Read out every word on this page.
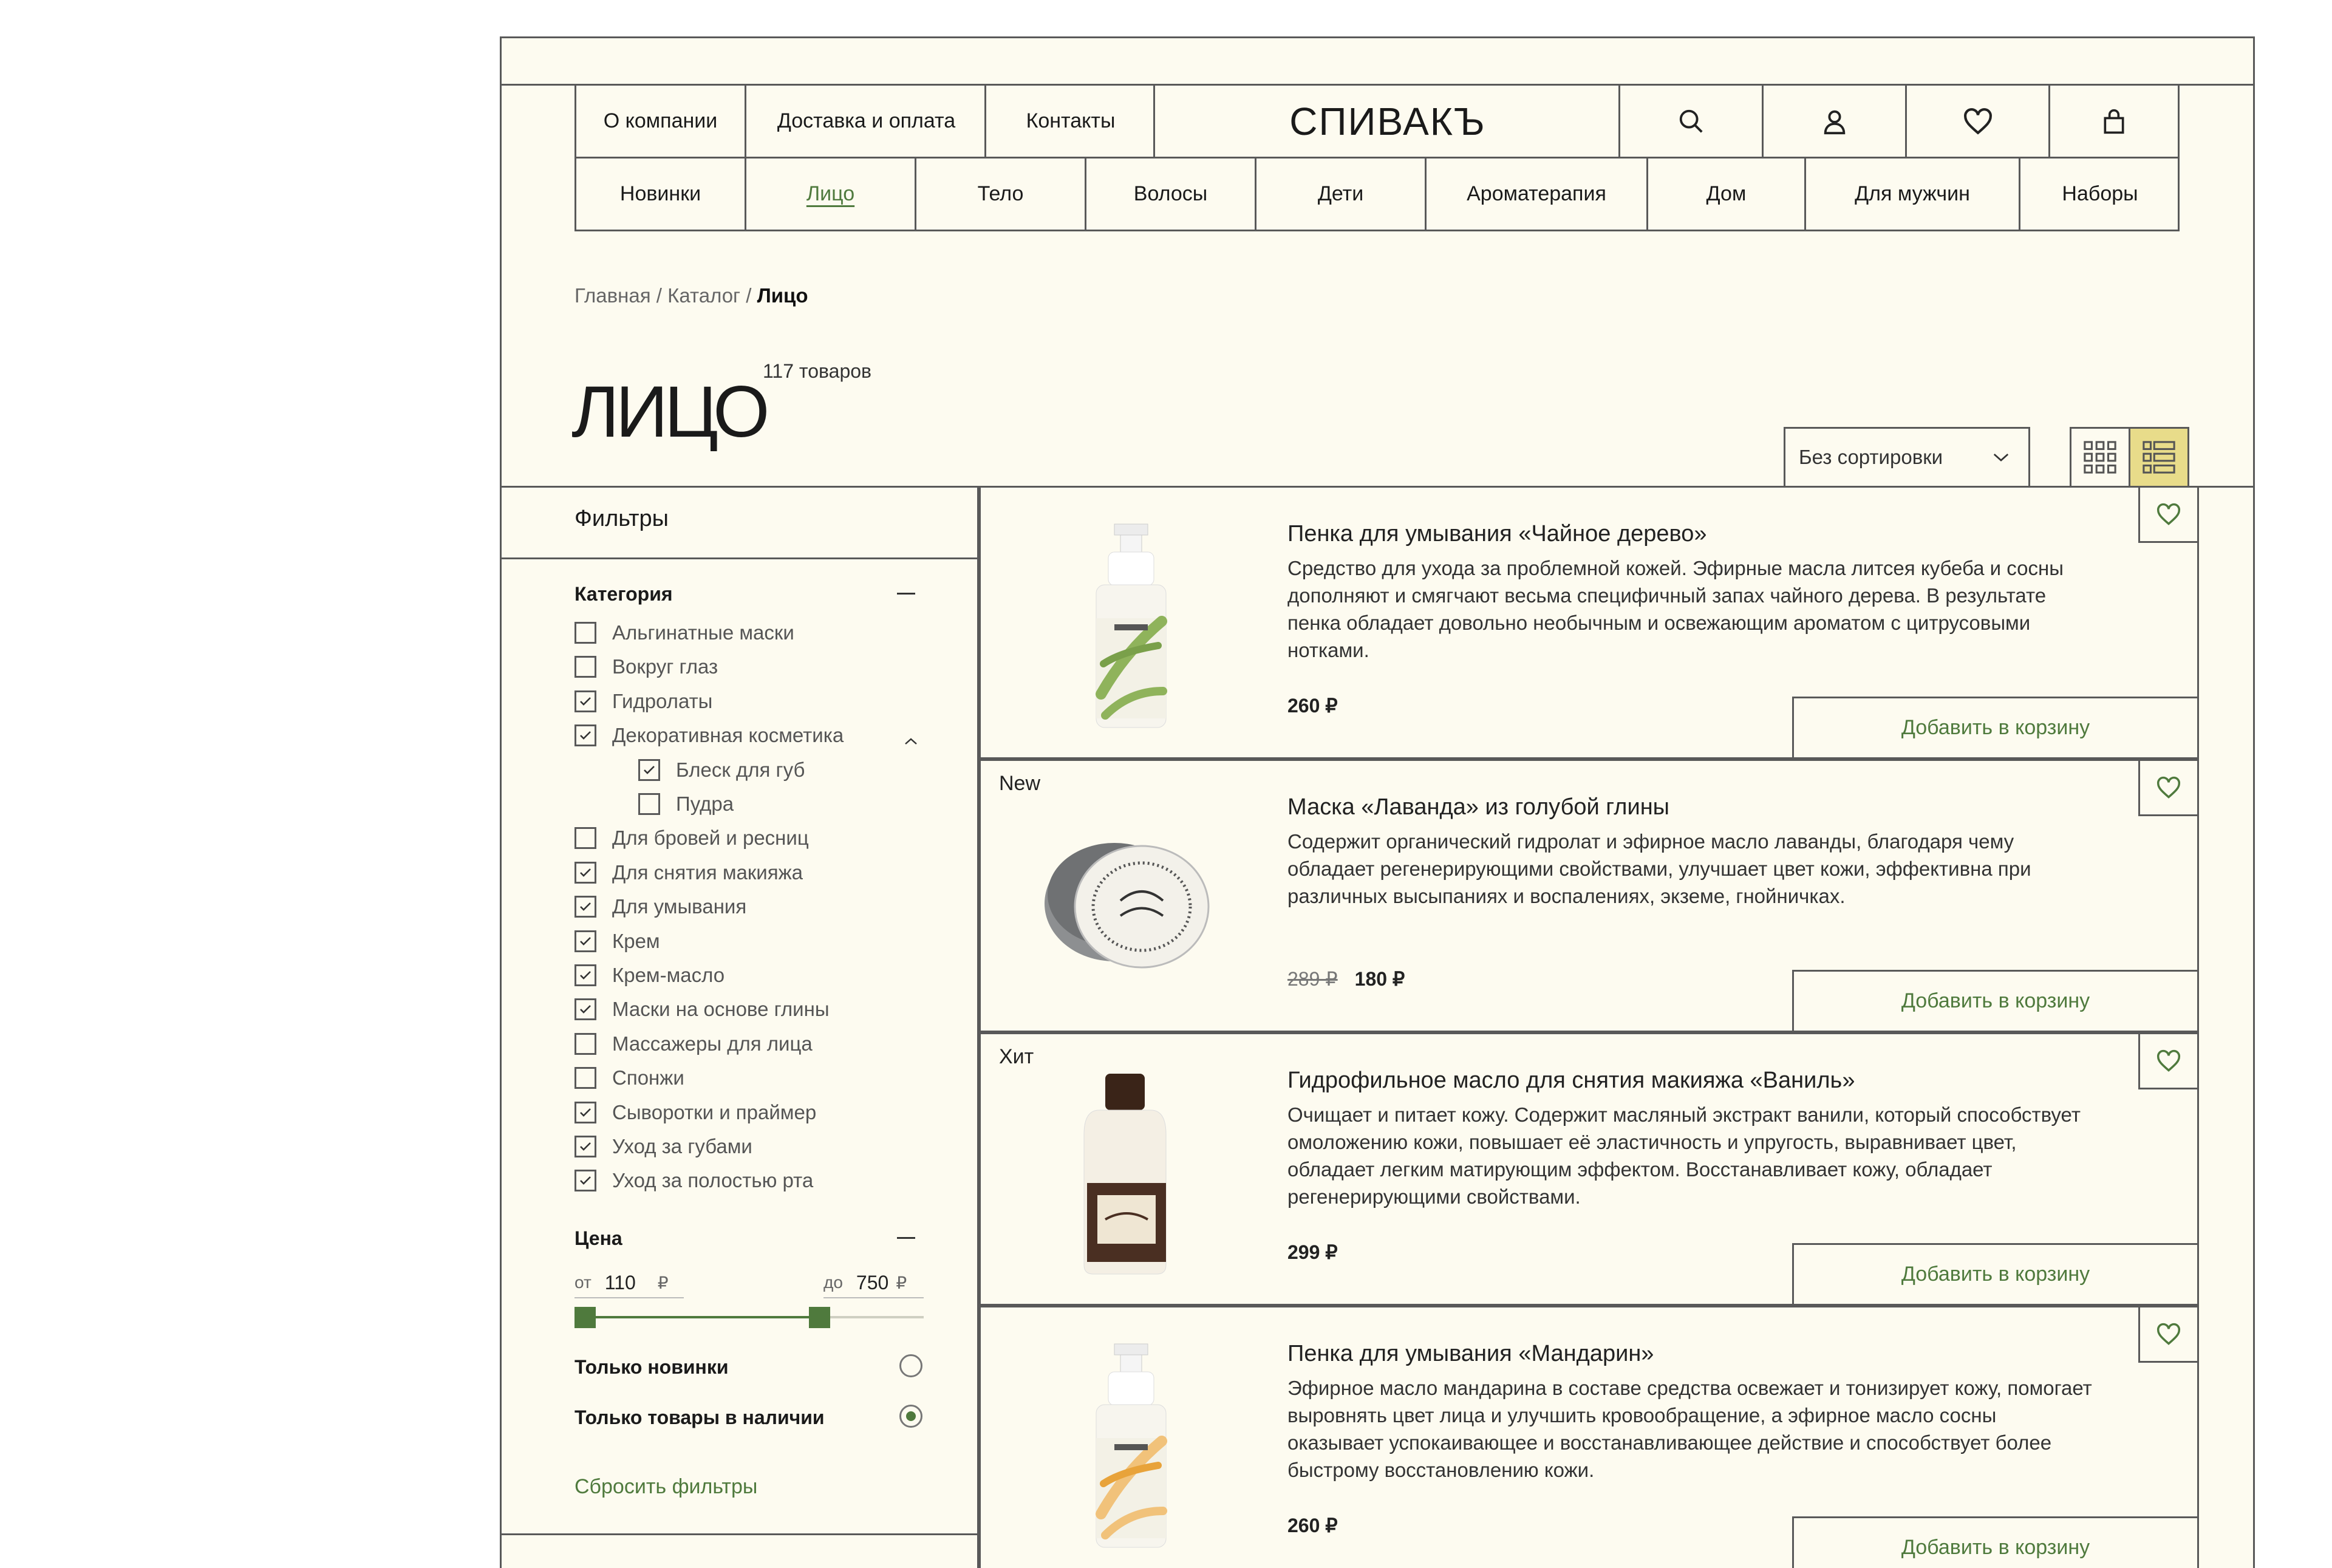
О компании	Доставка и оплата	Контакты	СПИВАКЪ
Новинки	Лицо	Тело	Волосы	Дети	Ароматерапия	Дом	Для мужчин	Наборы
Главная / Каталог / Лицо
ЛИЦО
117 товаров
Без сортировки
Фильтры
Категория
Альгинатные маски
Вокруг глаз
Гидролаты
Декоративная косметика
Блеск для губ
Пудра
Для бровей и ресниц
Для снятия макияжа
Для умывания
Крем
Крем-масло
Маски на основе глины
Массажеры для лица
Спонжи
Сыворотки и праймер
Уход за губами
Уход за полостью рта
Цена
от 110 ₽	до 750 ₽
Только новинки
Только товары в наличии
Сбросить фильтры
Пенка для умывания «Чайное дерево»
Средство для ухода за проблемной кожей. Эфирные масла литсея кубеба и сосны дополняют и смягчают весьма специфичный запах чайного дерева. В результате пенка обладает довольно необычным и освежающим ароматом с цитрусовыми нотками.
260 ₽
Добавить в корзину
New
Маска «Лаванда» из голубой глины
Содержит органический гидролат и эфирное масло лаванды, благодаря чему обладает регенерирующими свойствами, улучшает цвет кожи, эффективна при различных высыпаниях и воспалениях, экземе, гнойничках.
289 ₽ 180 ₽
Добавить в корзину
Хит
Гидрофильное масло для снятия макияжа «Ваниль»
Очищает и питает кожу. Содержит масляный экстракт ванили, который способствует омоложению кожи, повышает её эластичность и упругость, выравнивает цвет, обладает легким матирующим эффектом. Восстанавливает кожу, обладает регенерирующими свойствами.
299 ₽
Добавить в корзину
Пенка для умывания «Мандарин»
Эфирное масло мандарина в составе средства освежает и тонизирует кожу, помогает выровнять цвет лица и улучшить кровообращение, а эфирное масло сосны оказывает успокаивающее и восстанавливающее действие и способствует более быстрому восстановлению кожи.
260 ₽
Добавить в корзину
